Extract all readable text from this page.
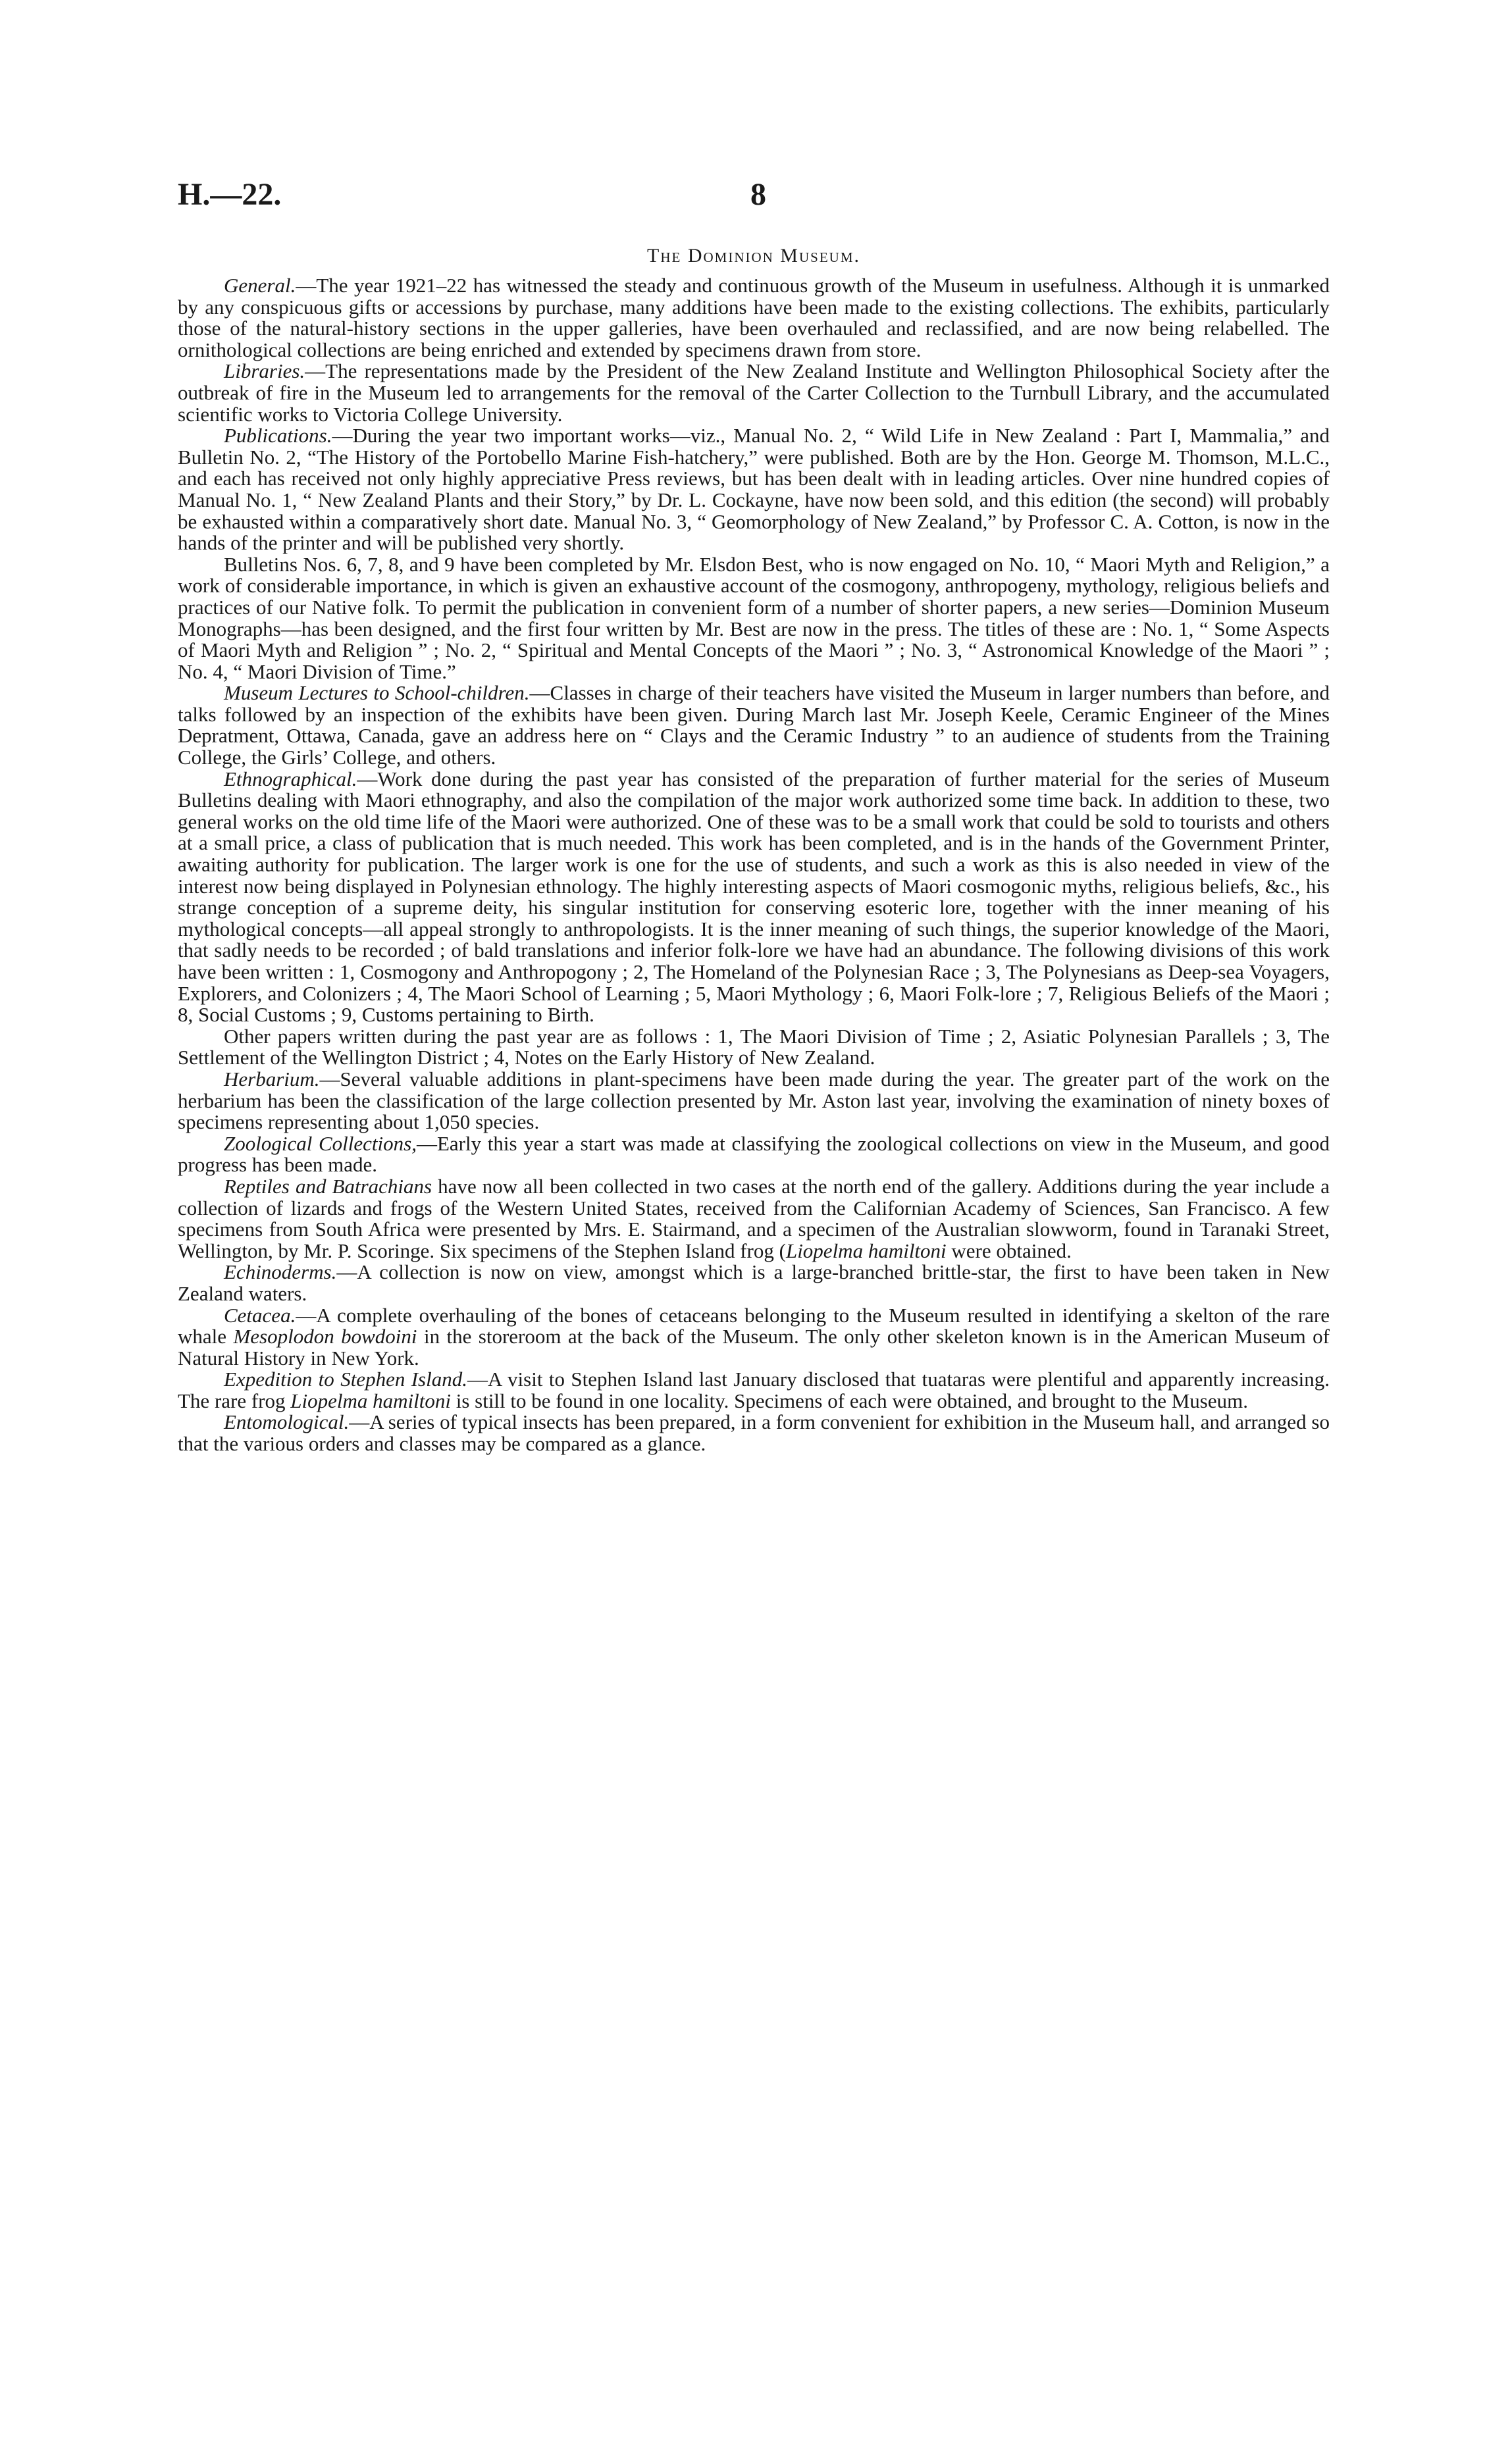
H.—22.	8
The Dominion Museum.

General.—The year 1921–22 has witnessed the steady and continuous growth of the Museum in usefulness. Although it is unmarked by any conspicuous gifts or accessions by purchase, many additions have been made to the existing collections. The exhibits, particularly those of the natural-history sections in the upper galleries, have been overhauled and reclassified, and are now being relabelled. The ornithological collections are being enriched and extended by specimens drawn from store.

Libraries.—The representations made by the President of the New Zealand Institute and Wellington Philosophical Society after the outbreak of fire in the Museum led to arrangements for the removal of the Carter Collection to the Turnbull Library, and the accumulated scientific works to Victoria College University.

Publications.—During the year two important works—viz., Manual No. 2, “ Wild Life in New Zealand : Part I, Mammalia,” and Bulletin No. 2, “The History of the Portobello Marine Fish-hatchery,” were published. Both are by the Hon. George M. Thomson, M.L.C., and each has received not only highly appreciative Press reviews, but has been dealt with in leading articles. Over nine hundred copies of Manual No. 1, “ New Zealand Plants and their Story,” by Dr. L. Cockayne, have now been sold, and this edition (the second) will probably be exhausted within a comparatively short date. Manual No. 3, “ Geomorphology of New Zealand,” by Professor C. A. Cotton, is now in the hands of the printer and will be published very shortly.

Bulletins Nos. 6, 7, 8, and 9 have been completed by Mr. Elsdon Best, who is now engaged on No. 10, “ Maori Myth and Religion,” a work of considerable importance, in which is given an exhaustive account of the cosmogony, anthropogeny, mythology, religious beliefs and practices of our Native folk. To permit the publication in convenient form of a number of shorter papers, a new series—Dominion Museum Monographs—has been designed, and the first four written by Mr. Best are now in the press. The titles of these are : No. 1, “ Some Aspects of Maori Myth and Religion ” ; No. 2, “ Spiritual and Mental Concepts of the Maori ” ; No. 3, “ Astronomical Knowledge of the Maori ” ; No. 4, “ Maori Division of Time.”

Museum Lectures to School-children.—Classes in charge of their teachers have visited the Museum in larger numbers than before, and talks followed by an inspection of the exhibits have been given. During March last Mr. Joseph Keele, Ceramic Engineer of the Mines Depratment, Ottawa, Canada, gave an address here on “ Clays and the Ceramic Industry ” to an audience of students from the Training College, the Girls’ College, and others.

Ethnographical.—Work done during the past year has consisted of the preparation of further material for the series of Museum Bulletins dealing with Maori ethnography, and also the compilation of the major work authorized some time back. In addition to these, two general works on the old time life of the Maori were authorized. One of these was to be a small work that could be sold to tourists and others at a small price, a class of publication that is much needed. This work has been completed, and is in the hands of the Government Printer, awaiting authority for publication. The larger work is one for the use of students, and such a work as this is also needed in view of the interest now being displayed in Polynesian ethnology. The highly interesting aspects of Maori cosmogonic myths, religious beliefs, &c., his strange conception of a supreme deity, his singular institution for conserving esoteric lore, together with the inner meaning of his mythological concepts—all appeal strongly to anthropologists. It is the inner meaning of such things, the superior knowledge of the Maori, that sadly needs to be recorded ; of bald translations and inferior folk-lore we have had an abundance. The following divisions of this work have been written : 1, Cosmogony and Anthropogony ; 2, The Homeland of the Polynesian Race ; 3, The Polynesians as Deep-sea Voyagers, Explorers, and Colonizers ; 4, The Maori School of Learning ; 5, Maori Mythology ; 6, Maori Folk-lore ; 7, Religious Beliefs of the Maori ; 8, Social Customs ; 9, Customs pertaining to Birth.

Other papers written during the past year are as follows : 1, The Maori Division of Time ; 2, Asiatic Polynesian Parallels ; 3, The Settlement of the Wellington District ; 4, Notes on the Early History of New Zealand.

Herbarium.—Several valuable additions in plant-specimens have been made during the year. The greater part of the work on the herbarium has been the classification of the large collection presented by Mr. Aston last year, involving the examination of ninety boxes of specimens representing about 1,050 species.

Zoological Collections,—Early this year a start was made at classifying the zoological collections on view in the Museum, and good progress has been made.

Reptiles and Batrachians have now all been collected in two cases at the north end of the gallery. Additions during the year include a collection of lizards and frogs of the Western United States, received from the Californian Academy of Sciences, San Francisco. A few specimens from South Africa were presented by Mrs. E. Stairmand, and a specimen of the Australian slowworm, found in Taranaki Street, Wellington, by Mr. P. Scoringe. Six specimens of the Stephen Island frog (Liopelma hamiltoni were obtained.

Echinoderms.—A collection is now on view, amongst which is a large-branched brittle-star, the first to have been taken in New Zealand waters.

Cetacea.—A complete overhauling of the bones of cetaceans belonging to the Museum resulted in identifying a skelton of the rare whale Mesoplodon bowdoini in the storeroom at the back of the Museum. The only other skeleton known is in the American Museum of Natural History in New York.

Expedition to Stephen Island.—A visit to Stephen Island last January disclosed that tuataras were plentiful and apparently increasing. The rare frog Liopelma hamiltoni is still to be found in one locality. Specimens of each were obtained, and brought to the Museum.

Entomological.—A series of typical insects has been prepared, in a form convenient for exhibition in the Museum hall, and arranged so that the various orders and classes may be compared as a glance.
